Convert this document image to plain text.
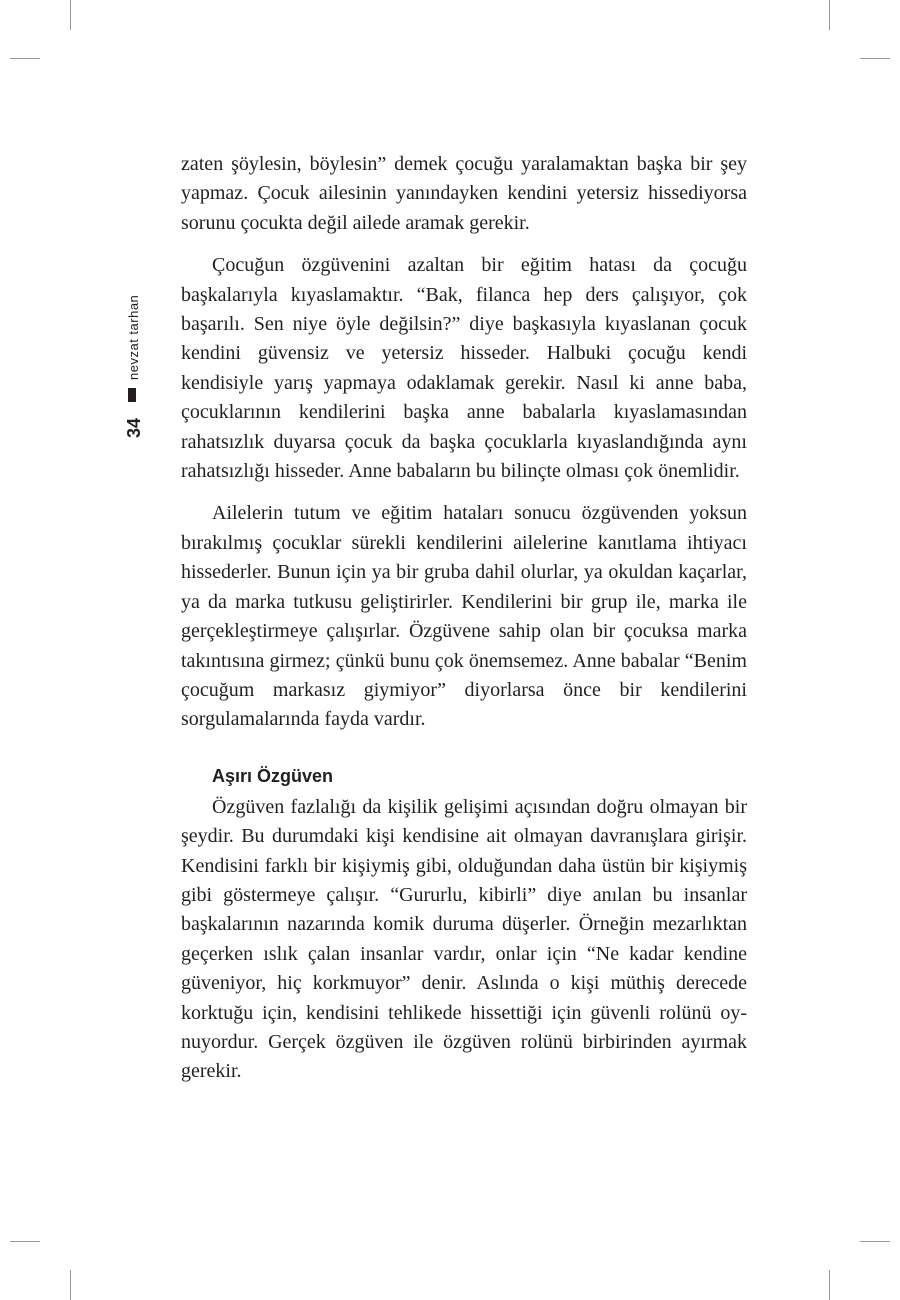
nevzat tarhan
34

zaten şöylesin, böylesin” demek çocuğu yaralamaktan başka bir şey yapmaz. Çocuk ailesinin yanındayken kendini yetersiz hissediyorsa sorunu çocukta değil ailede aramak gerekir.

Çocuğun özgüvenini azaltan bir eğitim hatası da çocuğu başkalarıyla kıyaslamaktır. “Bak, filanca hep ders çalışıyor, çok başarılı. Sen niye öyle değilsin?” diye başkasıyla kıyaslanan çocuk kendini güvensiz ve yetersiz hisseder. Halbuki çocuğu kendi kendisiyle yarış yapmaya odaklamak gerekir. Nasıl ki anne baba, çocuklarının kendilerini başka anne babalarla kıyaslamasından rahatsızlık duyarsa çocuk da başka çocuklarla kıyaslandığında aynı rahatsızlığı hisseder. Anne babaların bu bilinçte olması çok önemlidir.

Ailelerin tutum ve eğitim hataları sonucu özgüvenden yoksun bırakılmış çocuklar sürekli kendilerini ailelerine kanıtlama ihtiyacı hissederler. Bunun için ya bir gruba dahil olurlar, ya okuldan kaçarlar, ya da marka tutkusu geliştirirler. Kendilerini bir grup ile, marka ile gerçekleştirmeye çalışırlar. Özgüvene sahip olan bir çocuksa marka takıntısına girmez; çünkü bunu çok önemsemez. Anne babalar “Benim çocuğum markasız giymiyor” diyorlarsa önce bir kendilerini sorgulamalarında fayda vardır.

Aşırı Özgüven

Özgüven fazlalığı da kişilik gelişimi açısından doğru olmayan bir şeydir. Bu durumdaki kişi kendisine ait olmayan davranışlara girişir. Kendisini farklı bir kişiymiş gibi, olduğundan daha üstün bir kişiymiş gibi göstermeye çalışır. “Gururlu, kibirli” diye anılan bu insanlar başkalarının nazarında komik duruma düşerler. Örneğin mezarlıktan geçerken ıslık çalan insanlar vardır, onlar için “Ne kadar kendine güveniyor, hiç korkmuyor” denir. Aslında o kişi müthiş derecede korktuğu için, kendisini tehlikede hissettiği için güvenli rolünü oynuyordur. Gerçek özgüven ile özgüven rolünü birbirinden ayırmak gerekir.
